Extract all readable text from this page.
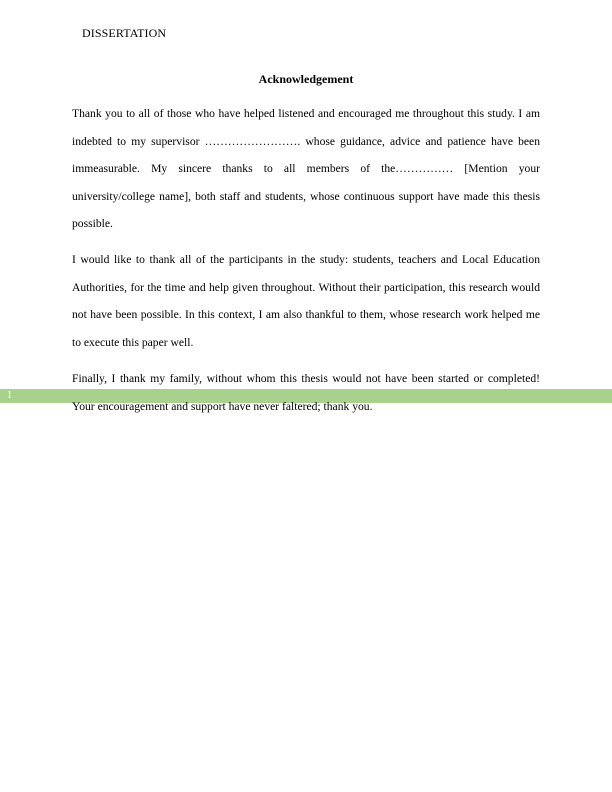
DISSERTATION
Acknowledgement

Thank you to all of those who have helped listened and encouraged me throughout this study. I am indebted to my supervisor ……………………. whose guidance, advice and patience have been immeasurable. My sincere thanks to all members of the…………… [Mention your university/college name], both staff and students, whose continuous support have made this thesis possible.

I would like to thank all of the participants in the study: students, teachers and Local Education Authorities, for the time and help given throughout. Without their participation, this research would not have been possible. In this context, I am also thankful to them, whose research work helped me to execute this paper well.

1

Finally, I thank my family, without whom this thesis would not have been started or completed! Your encouragement and support have never faltered; thank you.
